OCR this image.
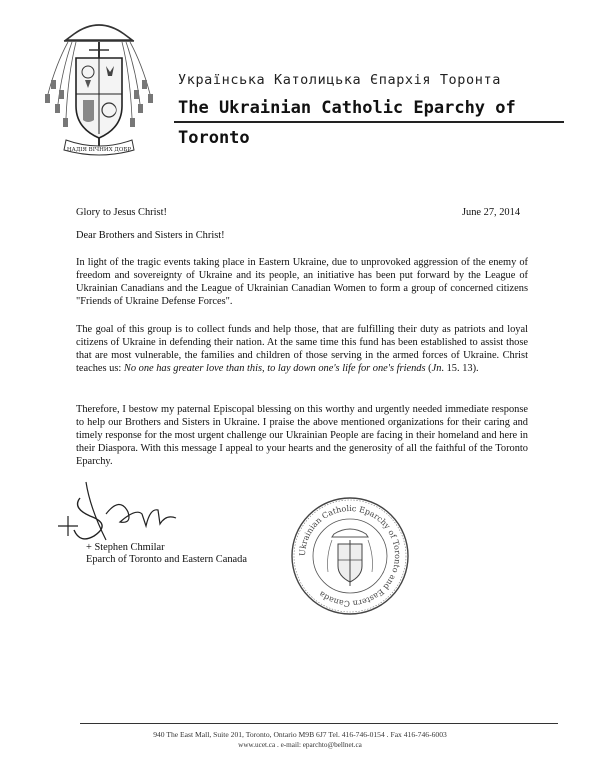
НАДІЯ ВІЧНИХ ДОБР
Українська Католицька Єпархія Торонта
The Ukrainian Catholic Eparchy of
Toronto
Glory to Jesus Christ!	June 27, 2014
Dear Brothers and Sisters in Christ!

In light of the tragic events taking place in Eastern Ukraine, due to unprovoked aggression of the enemy of freedom and sovereignty of Ukraine and its people, an initiative has been put forward by the League of Ukrainian Canadians and the League of Ukrainian Canadian Women to form a group of concerned citizens "Friends of Ukraine Defense Forces".

The goal of this group is to collect funds and help those, that are fulfilling their duty as patriots and loyal citizens of Ukraine in defending their nation. At the same time this fund has been established to assist those that are most vulnerable, the families and children of those serving in the armed forces of Ukraine. Christ teaches us: No one has greater love than this, to lay down one's life for one's friends (Jn. 15. 13).

Therefore, I bestow my paternal Episcopal blessing on this worthy and urgently needed immediate response to help our Brothers and Sisters in Ukraine. I praise the above mentioned organizations for their caring and timely response for the most urgent challenge our Ukrainian People are facing in their homeland and here in their Diaspora. With this message I appeal to your hearts and the generosity of all the faithful of the Toronto Eparchy.

+ Stephen Chmilar
Eparch of Toronto and Eastern Canada
Ukrainian Catholic Eparchy of Toronto and Eastern Canada
940 The East Mall, Suite 201, Toronto, Ontario M9B 6J7 Tel. 416-746-0154 . Fax 416-746-6003
www.ucet.ca . e-mail: eparchto@bellnet.ca
